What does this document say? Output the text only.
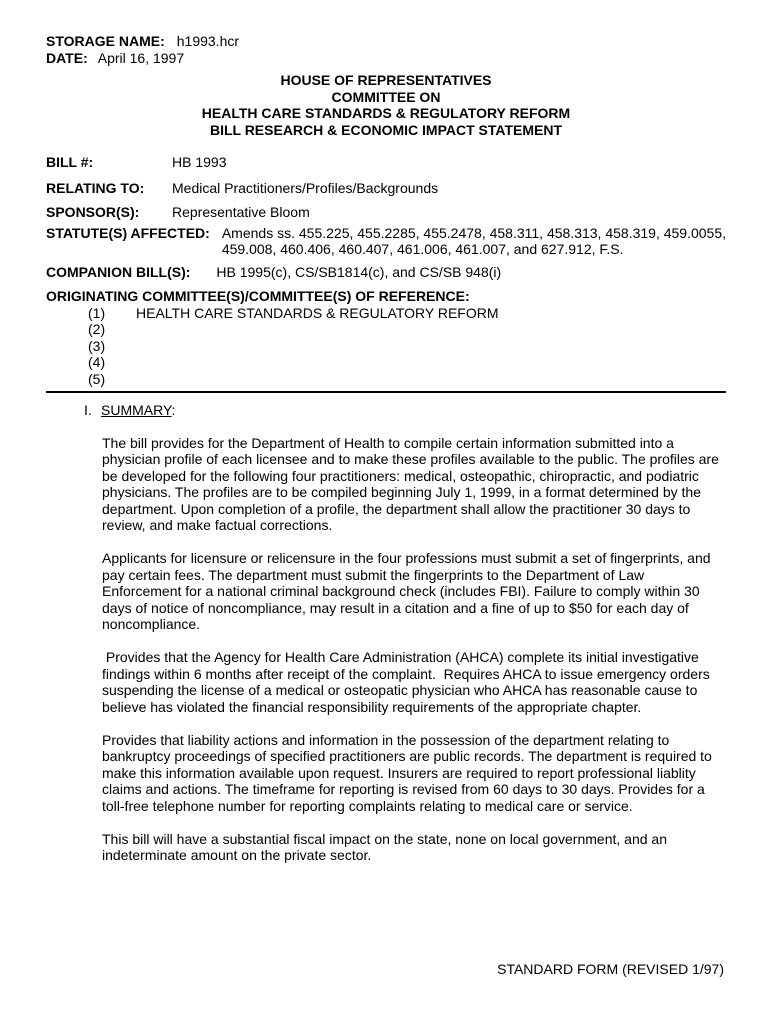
STORAGE NAME: h1993.hcr
DATE: April 16, 1997
HOUSE OF REPRESENTATIVES
COMMITTEE ON
HEALTH CARE STANDARDS & REGULATORY REFORM
BILL RESEARCH & ECONOMIC IMPACT STATEMENT
BILL #:	HB 1993
RELATING TO:	Medical Practitioners/Profiles/Backgrounds
SPONSOR(S):	Representative Bloom
STATUTE(S) AFFECTED: Amends ss. 455.225, 455.2285, 455.2478, 458.311, 458.313, 458.319, 459.0055, 459.008, 460.406, 460.407, 461.006, 461.007, and 627.912, F.S.
COMPANION BILL(S):	HB 1995(c), CS/SB1814(c), and CS/SB 948(i)
ORIGINATING COMMITTEE(S)/COMMITTEE(S) OF REFERENCE:
(1)	HEALTH CARE STANDARDS & REGULATORY REFORM
(2)
(3)
(4)
(5)
I. SUMMARY:

The bill provides for the Department of Health to compile certain information submitted into a physician profile of each licensee and to make these profiles available to the public. The profiles are be developed for the following four practitioners: medical, osteopathic, chiropractic, and podiatric physicians. The profiles are to be compiled beginning July 1, 1999, in a format determined by the department. Upon completion of a profile, the department shall allow the practitioner 30 days to review, and make factual corrections.

Applicants for licensure or relicensure in the four professions must submit a set of fingerprints, and pay certain fees. The department must submit the fingerprints to the Department of Law Enforcement for a national criminal background check (includes FBI). Failure to comply within 30 days of notice of noncompliance, may result in a citation and a fine of up to $50 for each day of noncompliance.

Provides that the Agency for Health Care Administration (AHCA) complete its initial investigative findings within 6 months after receipt of the complaint.  Requires AHCA to issue emergency orders suspending the license of a medical or osteopatic physician who AHCA has reasonable cause to believe has violated the financial responsibility requirements of the appropriate chapter.

Provides that liability actions and information in the possession of the department relating to bankruptcy proceedings of specified practitioners are public records. The department is required to make this information available upon request. Insurers are required to report professional liablity claims and actions. The timeframe for reporting is revised from 60 days to 30 days. Provides for a toll-free telephone number for reporting complaints relating to medical care or service.

This bill will have a substantial fiscal impact on the state, none on local government, and an indeterminate amount on the private sector.

STANDARD FORM (REVISED 1/97)
